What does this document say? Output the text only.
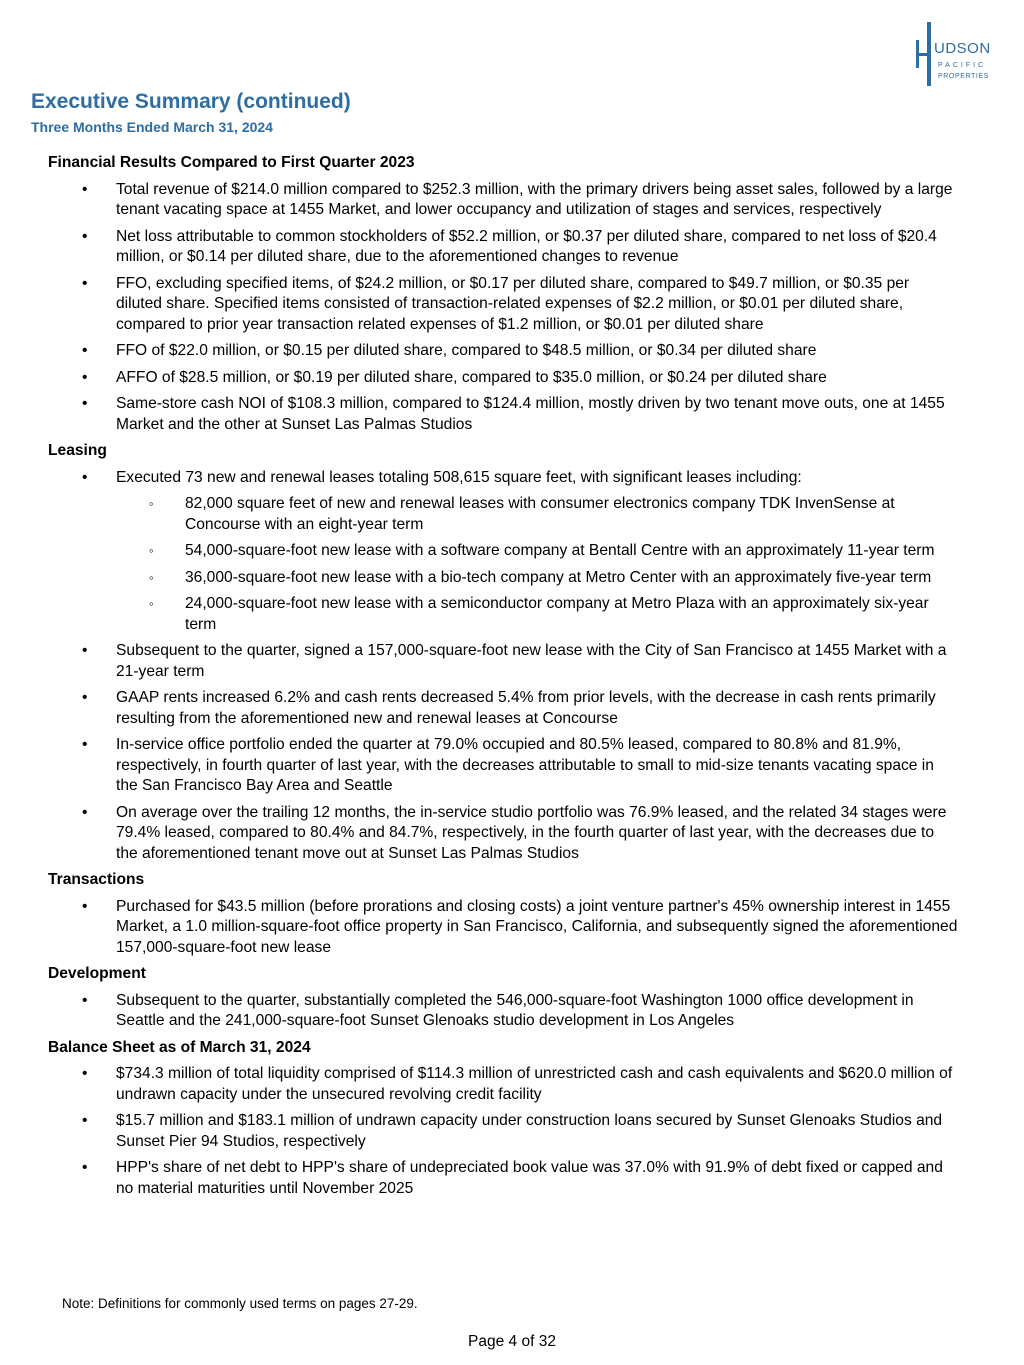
UDSON
PACIFIC
PROPERTIES
Executive Summary (continued)
Three Months Ended March 31, 2024
Financial Results Compared to First Quarter 2023
• Total revenue of $214.0 million compared to $252.3 million, with the primary drivers being asset sales, followed by a large tenant vacating space at 1455 Market, and lower occupancy and utilization of stages and services, respectively
• Net loss attributable to common stockholders of $52.2 million, or $0.37 per diluted share, compared to net loss of $20.4 million, or $0.14 per diluted share, due to the aforementioned changes to revenue
• FFO, excluding specified items, of $24.2 million, or $0.17 per diluted share, compared to $49.7 million, or $0.35 per diluted share. Specified items consisted of transaction-related expenses of $2.2 million, or $0.01 per diluted share, compared to prior year transaction related expenses of $1.2 million, or $0.01 per diluted share
• FFO of $22.0 million, or $0.15 per diluted share, compared to $48.5 million, or $0.34 per diluted share
• AFFO of $28.5 million, or $0.19 per diluted share, compared to $35.0 million, or $0.24 per diluted share
• Same-store cash NOI of $108.3 million, compared to $124.4 million, mostly driven by two tenant move outs, one at 1455 Market and the other at Sunset Las Palmas Studios
Leasing
• Executed 73 new and renewal leases totaling 508,615 square feet, with significant leases including:
◦ 82,000 square feet of new and renewal leases with consumer electronics company TDK InvenSense at Concourse with an eight-year term
◦ 54,000-square-foot new lease with a software company at Bentall Centre with an approximately 11-year term
◦ 36,000-square-foot new lease with a bio-tech company at Metro Center with an approximately five-year term
◦ 24,000-square-foot new lease with a semiconductor company at Metro Plaza with an approximately six-year term
• Subsequent to the quarter, signed a 157,000-square-foot new lease with the City of San Francisco at 1455 Market with a 21-year term
• GAAP rents increased 6.2% and cash rents decreased 5.4% from prior levels, with the decrease in cash rents primarily resulting from the aforementioned new and renewal leases at Concourse
• In-service office portfolio ended the quarter at 79.0% occupied and 80.5% leased, compared to 80.8% and 81.9%, respectively, in fourth quarter of last year, with the decreases attributable to small to mid-size tenants vacating space in the San Francisco Bay Area and Seattle
• On average over the trailing 12 months, the in-service studio portfolio was 76.9% leased, and the related 34 stages were 79.4% leased, compared to 80.4% and 84.7%, respectively, in the fourth quarter of last year, with the decreases due to the aforementioned tenant move out at Sunset Las Palmas Studios
Transactions
• Purchased for $43.5 million (before prorations and closing costs) a joint venture partner's 45% ownership interest in 1455 Market, a 1.0 million-square-foot office property in San Francisco, California, and subsequently signed the aforementioned 157,000-square-foot new lease
Development
• Subsequent to the quarter, substantially completed the 546,000-square-foot Washington 1000 office development in Seattle and the 241,000-square-foot Sunset Glenoaks studio development in Los Angeles
Balance Sheet as of March 31, 2024
• $734.3 million of total liquidity comprised of $114.3 million of unrestricted cash and cash equivalents and $620.0 million of undrawn capacity under the unsecured revolving credit facility
• $15.7 million and $183.1 million of undrawn capacity under construction loans secured by Sunset Glenoaks Studios and Sunset Pier 94 Studios, respectively
• HPP's share of net debt to HPP's share of undepreciated book value was 37.0% with 91.9% of debt fixed or capped and no material maturities until November 2025
Note: Definitions for commonly used terms on pages 27-29.
Page 4 of 32
